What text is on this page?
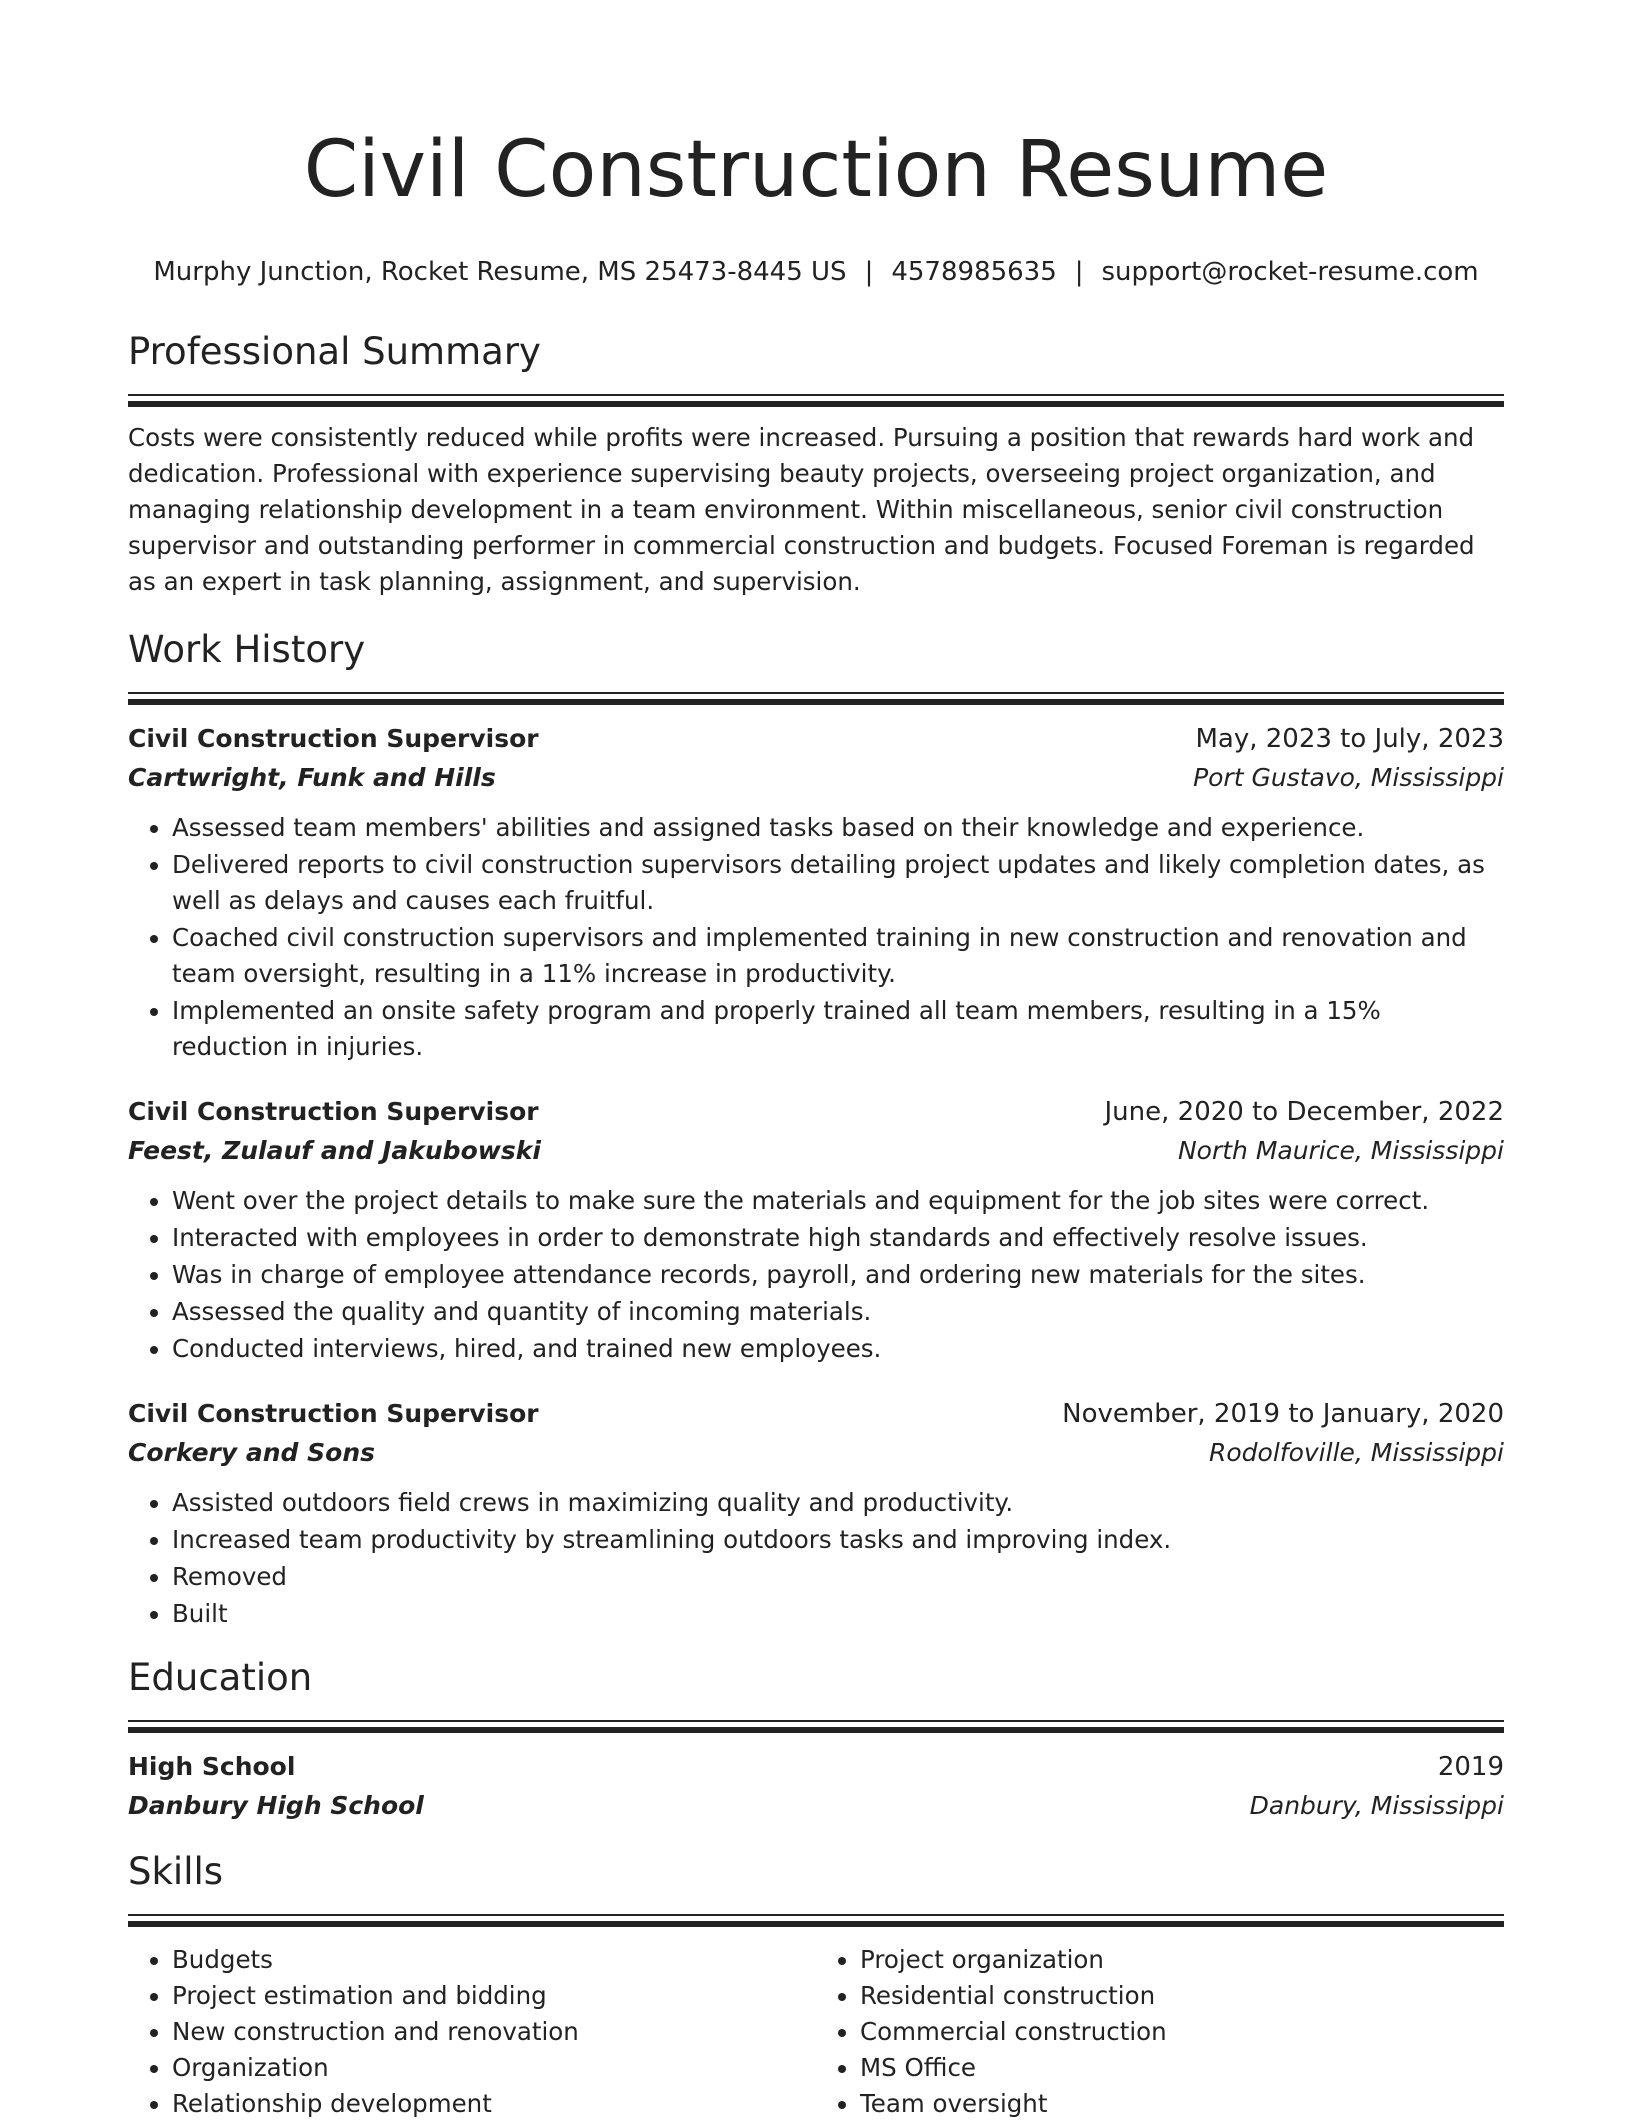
Civil Construction Resume
Murphy Junction, Rocket Resume, MS 25473-8445 US | 4578985635 | support@rocket-resume.com
Professional Summary

Costs were consistently reduced while profits were increased. Pursuing a position that rewards hard work and dedication. Professional with experience supervising beauty projects, overseeing project organization, and managing relationship development in a team environment. Within miscellaneous, senior civil construction supervisor and outstanding performer in commercial construction and budgets. Focused Foreman is regarded as an expert in task planning, assignment, and supervision.

Work History
Civil Construction Supervisor	May, 2023 to July, 2023
Cartwright, Funk and Hills	Port Gustavo, Mississippi
• Assessed team members' abilities and assigned tasks based on their knowledge and experience.
• Delivered reports to civil construction supervisors detailing project updates and likely completion dates, as well as delays and causes each fruitful.
• Coached civil construction supervisors and implemented training in new construction and renovation and team oversight, resulting in a 11% increase in productivity.
• Implemented an onsite safety program and properly trained all team members, resulting in a 15% reduction in injuries.
Civil Construction Supervisor	June, 2020 to December, 2022
Feest, Zulauf and Jakubowski	North Maurice, Mississippi
• Went over the project details to make sure the materials and equipment for the job sites were correct.
• Interacted with employees in order to demonstrate high standards and effectively resolve issues.
• Was in charge of employee attendance records, payroll, and ordering new materials for the sites.
• Assessed the quality and quantity of incoming materials.
• Conducted interviews, hired, and trained new employees.
Civil Construction Supervisor	November, 2019 to January, 2020
Corkery and Sons	Rodolfoville, Mississippi
• Assisted outdoors field crews in maximizing quality and productivity.
• Increased team productivity by streamlining outdoors tasks and improving index.
• Removed
• Built
Education
High School	2019
Danbury High School	Danbury, Mississippi
Skills
• Budgets
• Project estimation and bidding
• New construction and renovation
• Organization
• Relationship development
• Project organization
• Residential construction
• Commercial construction
• MS Office
• Team oversight
